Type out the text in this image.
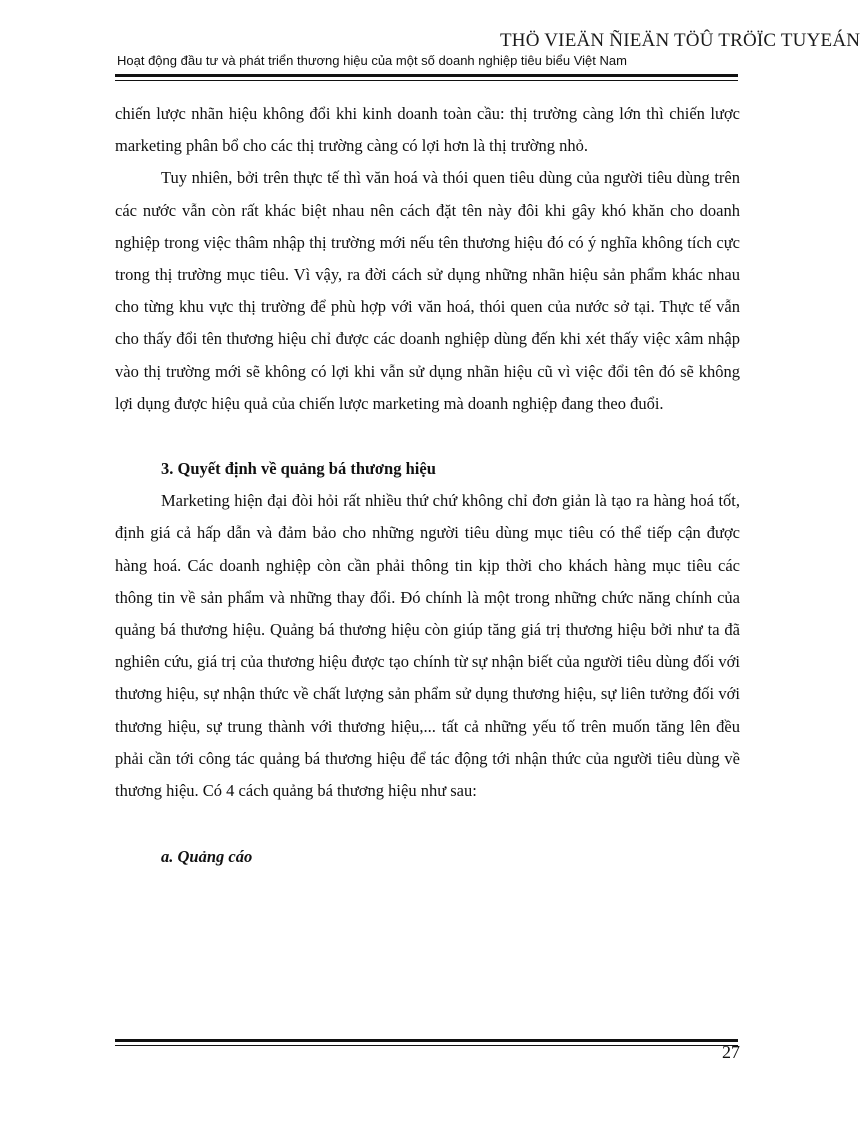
THÖ VIEÄN ÑIEÄN TÖÛ TRÖÏC TUYEÁN
Hoạt động đầu tư và phát triển thương hiệu của một số doanh nghiệp tiêu biểu Việt Nam

chiến lược nhãn hiệu không đổi khi kinh doanh toàn cầu: thị trường càng lớn thì chiến lược marketing phân bổ cho các thị trường càng có lợi hơn là thị trường nhỏ.

Tuy nhiên, bởi trên thực tế thì văn hoá và thói quen tiêu dùng của người tiêu dùng trên các nước vẫn còn rất khác biệt nhau nên cách đặt tên này đôi khi gây khó khăn cho doanh nghiệp trong việc thâm nhập thị trường mới nếu tên thương hiệu đó có ý nghĩa không tích cực trong thị trường mục tiêu. Vì vậy, ra đời cách sử dụng những nhãn hiệu sản phẩm khác nhau cho từng khu vực thị trường để phù hợp với văn hoá, thói quen của nước sở tại. Thực tế vẫn cho thấy đổi tên thương hiệu chỉ được các doanh nghiệp dùng đến khi xét thấy việc xâm nhập vào thị trường mới sẽ không có lợi khi vẫn sử dụng nhãn hiệu cũ vì việc đổi tên đó sẽ không lợi dụng được hiệu quả của chiến lược marketing mà doanh nghiệp đang theo đuổi.

3. Quyết định về quảng bá thương hiệu

Marketing hiện đại đòi hỏi rất nhiều thứ chứ không chỉ đơn giản là tạo ra hàng hoá tốt, định giá cả hấp dẫn và đảm bảo cho những người tiêu dùng mục tiêu có thể tiếp cận được hàng hoá. Các doanh nghiệp còn cần phải thông tin kịp thời cho khách hàng mục tiêu các thông tin về sản phẩm và những thay đổi. Đó chính là một trong những chức năng chính của quảng bá thương hiệu. Quảng bá thương hiệu còn giúp tăng giá trị thương hiệu bởi như ta đã nghiên cứu, giá trị của thương hiệu được tạo chính từ sự nhận biết của người tiêu dùng đối với thương hiệu, sự nhận thức về chất lượng sản phẩm sử dụng thương hiệu, sự liên tưởng đối với thương hiệu, sự trung thành với thương hiệu,... tất cả những yếu tố trên muốn tăng lên đều phải cần tới công tác quảng bá thương hiệu để tác động tới nhận thức của người tiêu dùng về thương hiệu. Có 4 cách quảng bá thương hiệu như sau:

a. Quảng cáo

27
